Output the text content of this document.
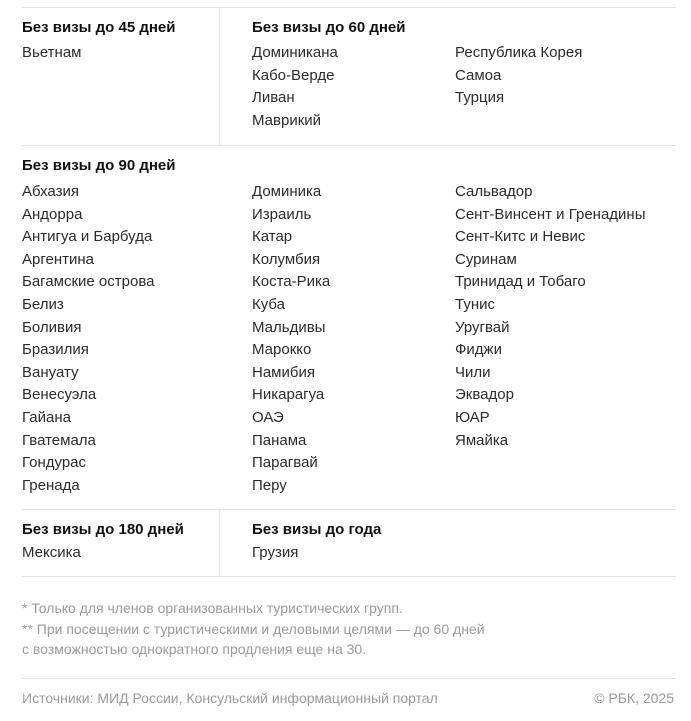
Без визы до 45 дней
Вьетнам
Без визы до 60 дней
Доминикана
Кабо-Верде
Ливан
Маврикий
Республика Корея
Самоа
Турция
Без визы до 90 дней
Абхазия
Андорра
Антигуа и Барбуда
Аргентина
Багамские острова
Белиз
Боливия
Бразилия
Вануату
Венесуэла
Гайана
Гватемала
Гондурас
Гренада
Доминика
Израиль
Катар
Колумбия
Коста-Рика
Куба
Мальдивы
Марокко
Намибия
Никарагуа
ОАЭ
Панама
Парагвай
Перу
Сальвадор
Сент-Винсент и Гренадины
Сент-Китс и Невис
Суринам
Тринидад и Тобаго
Тунис
Уругвай
Фиджи
Чили
Эквадор
ЮАР
Ямайка
Без визы до 180 дней
Мексика
Без визы до года
Грузия
* Только для членов организованных туристических групп.
** При посещении с туристическими и деловыми целями — до 60 дней
с возможностью однократного продления еще на 30.
Источники: МИД России, Консульский информационный портал	© РБК, 2025
